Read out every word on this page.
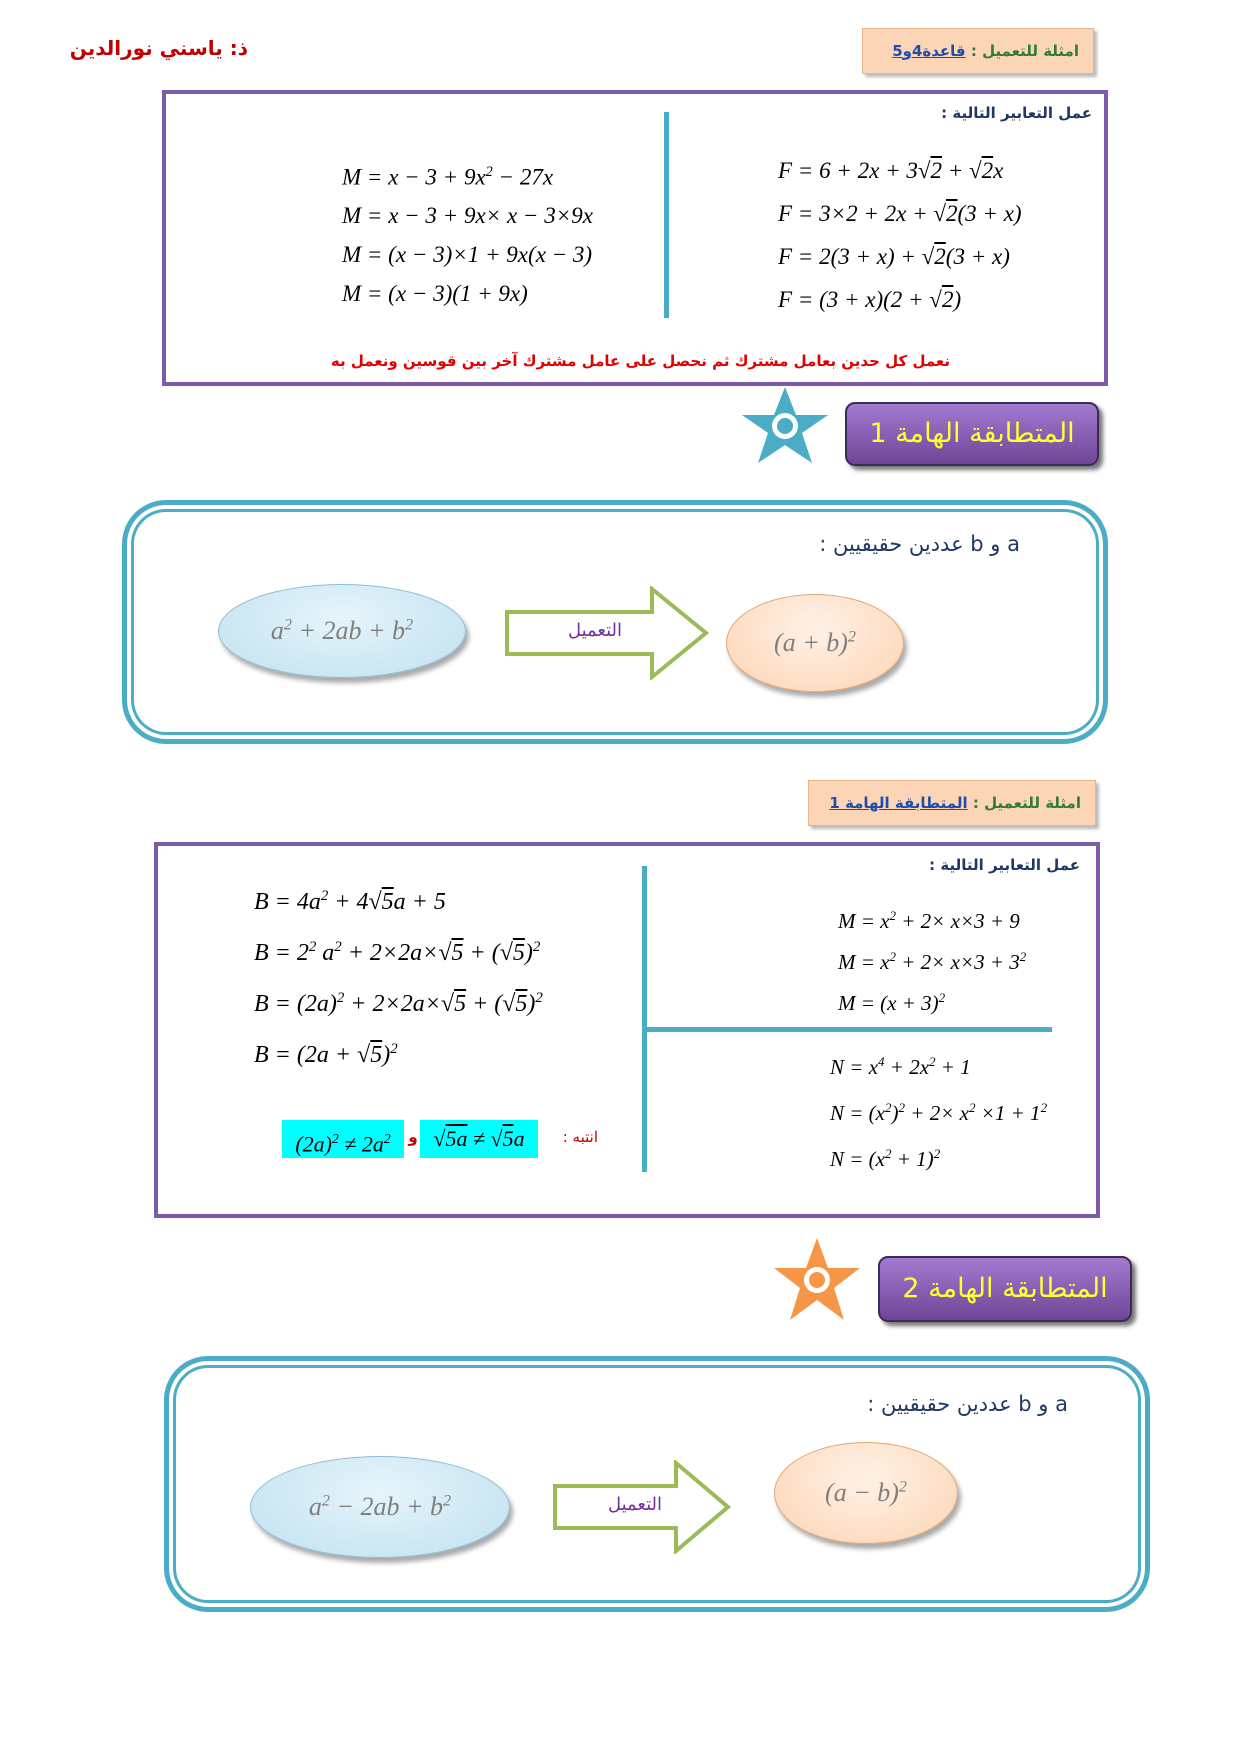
ذ: ياسني نورالدين	امثلة للتعميل : قاعدة4و5
عمل التعابير التالية :
F = 6 + 2x + 3√2 + √2x
F = 3×2 + 2x + √2(3 + x)
F = 2(3 + x) + √2(3 + x)
F = (3 + x)(2 + √2)
$M = x - 3 + 9x^2 - 27x$
M = x − 3 + 9x× x − 3×9x
M = (x − 3)×1 + 9x(x − 3)
M = (x − 3)(1 + 9x)
نعمل كل حدين بعامل مشترك ثم نحصل على عامل مشترك آخر بين قوسين ونعمل به
المتطابقة الهامة 1
a و b عددين حقيقيين :
$a^2 + 2ab + b^2$	التعميل	$(a + b)^2$
امثلة للتعميل : المتطابقة الهامة 1
عمل التعابير التالية :
$M = x^2 + 2\times x\times 3 + 9$
$M = x^2 + 2\times x\times 3 + 3^2$
$M = (x + 3)^2$
$N = x^4 + 2x^2 + 1$
$N = (x^2)^2 + 2\times x^2 \times 1 + 1^2$
$N = (x^2 + 1)^2$
$B = 4a^2 + 4√5a + 5$
$B = 2^2$ $a^2 + 2\times 2a\times√5 + (√5)^2$
$B = (2a)^2 + 2\times 2a\times√5 + (√5)^2$
$B = (2a + √5)^2$
$(2a)^2 \ne 2a^2$	و √5a ≠ √5a	انتبه :
المتطابقة الهامة 2
a و b عددين حقيقيين :
$a^2 - 2ab + b^2$	التعميل	$(a - b)^2$
